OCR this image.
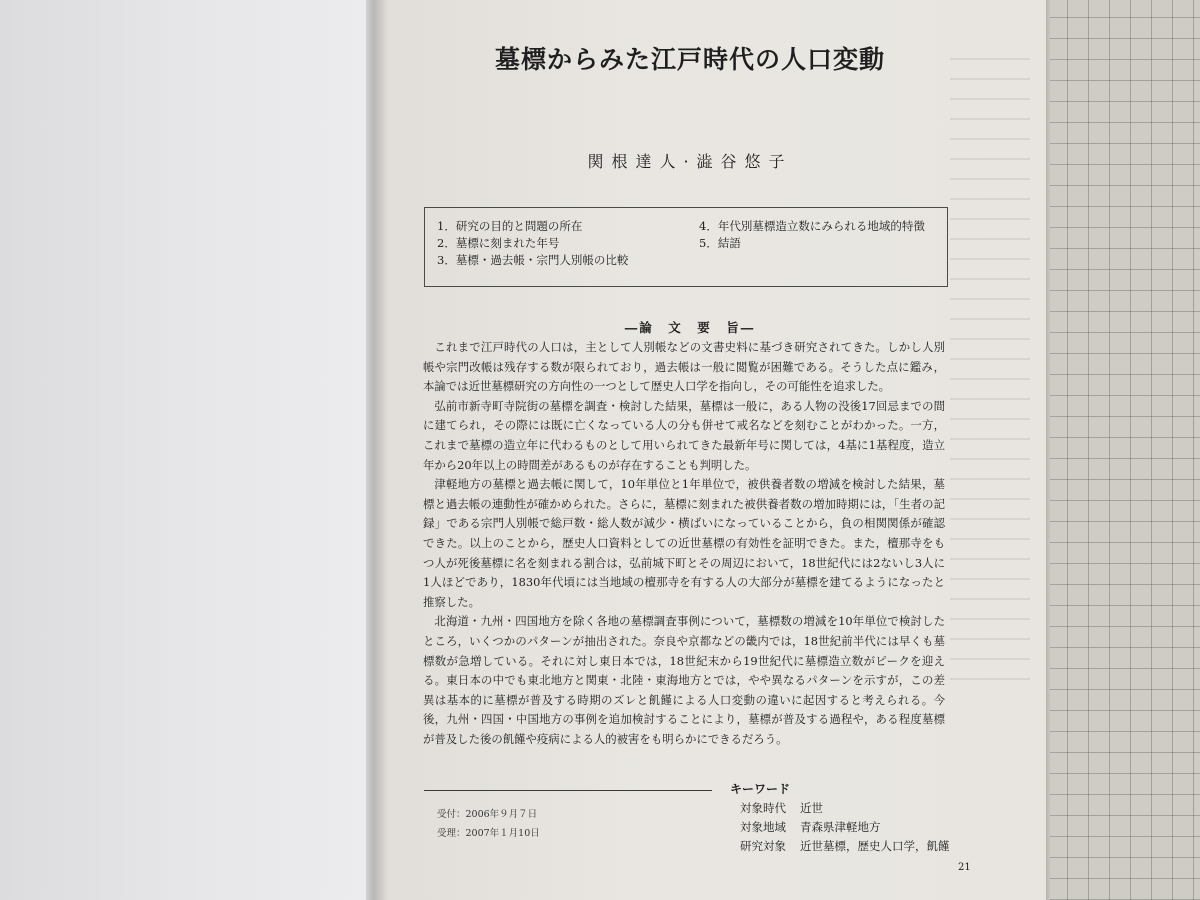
墓標からみた江戸時代の人口変動
関根達人·澁谷悠子
1．研究の目的と問題の所在
2．墓標に刻まれた年号
3．墓標・過去帳・宗門人別帳の比較
4．年代別墓標造立数にみられる地域的特徴
5．結語
―論　文　要　旨―

これまで江戸時代の人口は，主として人別帳などの文書史料に基づき研究されてきた。しかし人別帳や宗門改帳は残存する数が限られており，過去帳は一般に閲覧が困難である。そうした点に鑑み，本論では近世墓標研究の方向性の一つとして歴史人口学を指向し，その可能性を追求した。

弘前市新寺町寺院街の墓標を調査・検討した結果，墓標は一般に，ある人物の没後17回忌までの間に建てられ，その際には既に亡くなっている人の分も併せて戒名などを刻むことがわかった。一方，これまで墓標の造立年に代わるものとして用いられてきた最新年号に関しては，4基に1基程度，造立年から20年以上の時間差があるものが存在することも判明した。

津軽地方の墓標と過去帳に関して，10年単位と1年単位で，被供養者数の増減を検討した結果，墓標と過去帳の連動性が確かめられた。さらに，墓標に刻まれた被供養者数の増加時期には，「生者の記録」である宗門人別帳で総戸数・総人数が減少・横ばいになっていることから，負の相関関係が確認できた。以上のことから，歴史人口資料としての近世墓標の有効性を証明できた。また，檀那寺をもつ人が死後墓標に名を刻まれる割合は，弘前城下町とその周辺において，18世紀代には2ないし3人に1人ほどであり，1830年代頃には当地域の檀那寺を有する人の大部分が墓標を建てるようになったと推察した。

北海道・九州・四国地方を除く各地の墓標調査事例について，墓標数の増減を10年単位で検討したところ，いくつかのパターンが抽出された。奈良や京都などの畿内では，18世紀前半代には早くも墓標数が急増している。それに対し東日本では，18世紀末から19世紀代に墓標造立数がピークを迎える。東日本の中でも東北地方と関東・北陸・東海地方とでは，やや異なるパターンを示すが，この差異は基本的に墓標が普及する時期のズレと飢饉による人口変動の違いに起因すると考えられる。今後，九州・四国・中国地方の事例を追加検討することにより，墓標が普及する過程や，ある程度墓標が普及した後の飢饉や疫病による人的被害をも明らかにできるだろう。

受付：2006年９月７日
受理：2007年１月10日
キーワード
対象時代 近世
対象地域 青森県津軽地方
研究対象 近世墓標，歴史人口学，飢饉
21
